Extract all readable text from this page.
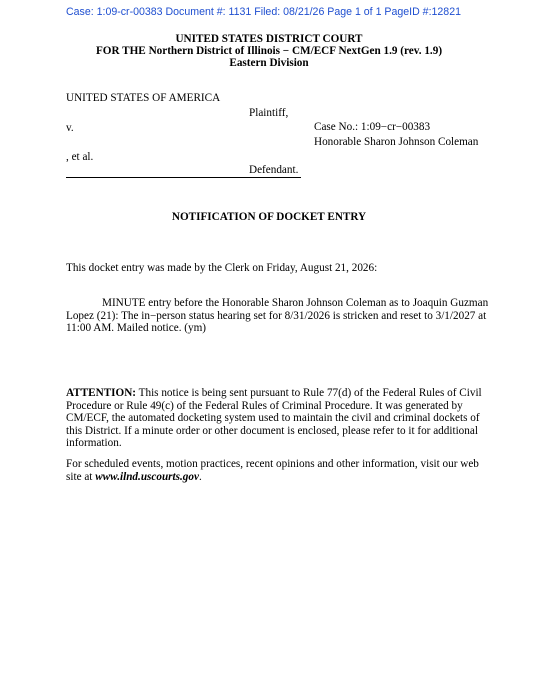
Case: 1:09-cr-00383 Document #: 1131 Filed: 08/21/26 Page 1 of 1 PageID #:12821
UNITED STATES DISTRICT COURT
FOR THE Northern District of Illinois − CM/ECF NextGen 1.9 (rev. 1.9)
Eastern Division
UNITED STATES OF AMERICA
Plaintiff,
v.	Case No.: 1:09−cr−00383
Honorable Sharon Johnson Coleman
, et al.
Defendant.
NOTIFICATION OF DOCKET ENTRY
This docket entry was made by the Clerk on Friday, August 21, 2026:
MINUTE entry before the Honorable Sharon Johnson Coleman as to Joaquin Guzman Lopez (21): The in−person status hearing set for 8/31/2026 is stricken and reset to 3/1/2027 at 11:00 AM. Mailed notice. (ym)
ATTENTION: This notice is being sent pursuant to Rule 77(d) of the Federal Rules of Civil Procedure or Rule 49(c) of the Federal Rules of Criminal Procedure. It was generated by CM/ECF, the automated docketing system used to maintain the civil and criminal dockets of this District. If a minute order or other document is enclosed, please refer to it for additional information.
For scheduled events, motion practices, recent opinions and other information, visit our web site at www.ilnd.uscourts.gov.
